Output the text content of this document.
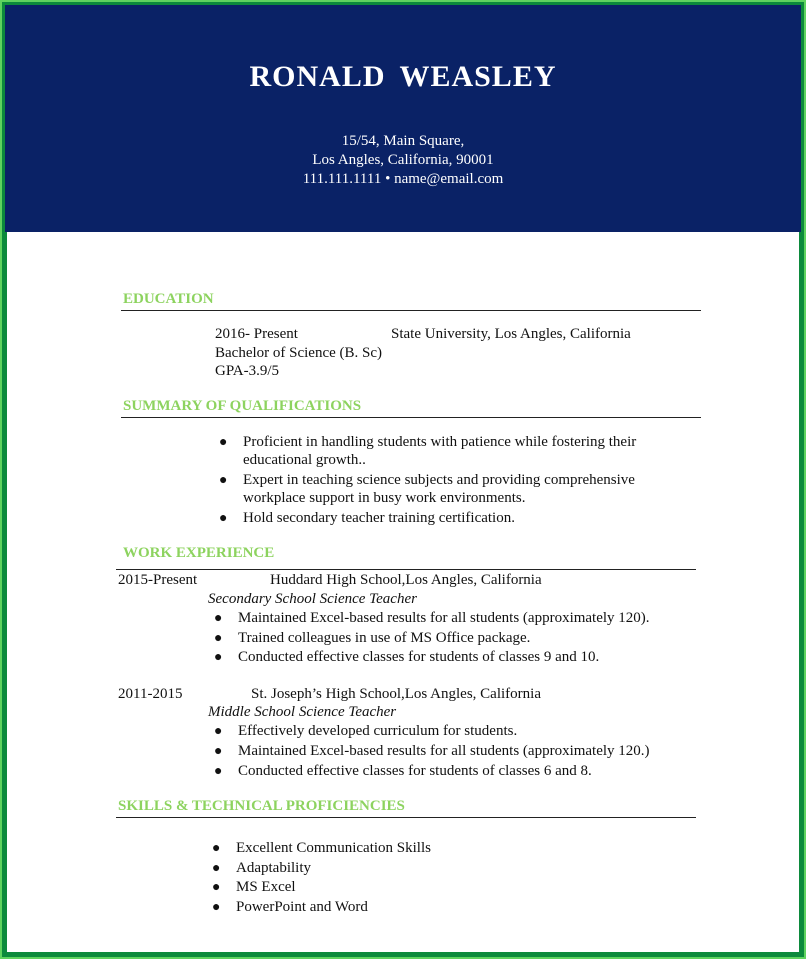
RONALD WEASLEY
15/54, Main Square,
Los Angles, California, 90001
111.111.1111 • name@email.com
EDUCATION
2016- Present	State University, Los Angles, California
Bachelor of Science (B. Sc)
GPA-3.9/5
SUMMARY OF QUALIFICATIONS
● Proficient in handling students with patience while fostering their
educational growth..
● Expert in teaching science subjects and providing comprehensive
workplace support in busy work environments.
● Hold secondary teacher training certification.
WORK EXPERIENCE
2015-Present	Huddard High School,Los Angles, California
Secondary School Science Teacher
● Maintained Excel-based results for all students (approximately 120).
● Trained colleagues in use of MS Office package.
● Conducted effective classes for students of classes 9 and 10.
2011-2015	St. Joseph’s High School,Los Angles, California
Middle School Science Teacher
● Effectively developed curriculum for students.
● Maintained Excel-based results for all students (approximately 120.)
● Conducted effective classes for students of classes 6 and 8.
SKILLS & TECHNICAL PROFICIENCIES
● Excellent Communication Skills
● Adaptability
● MS Excel
● PowerPoint and Word
